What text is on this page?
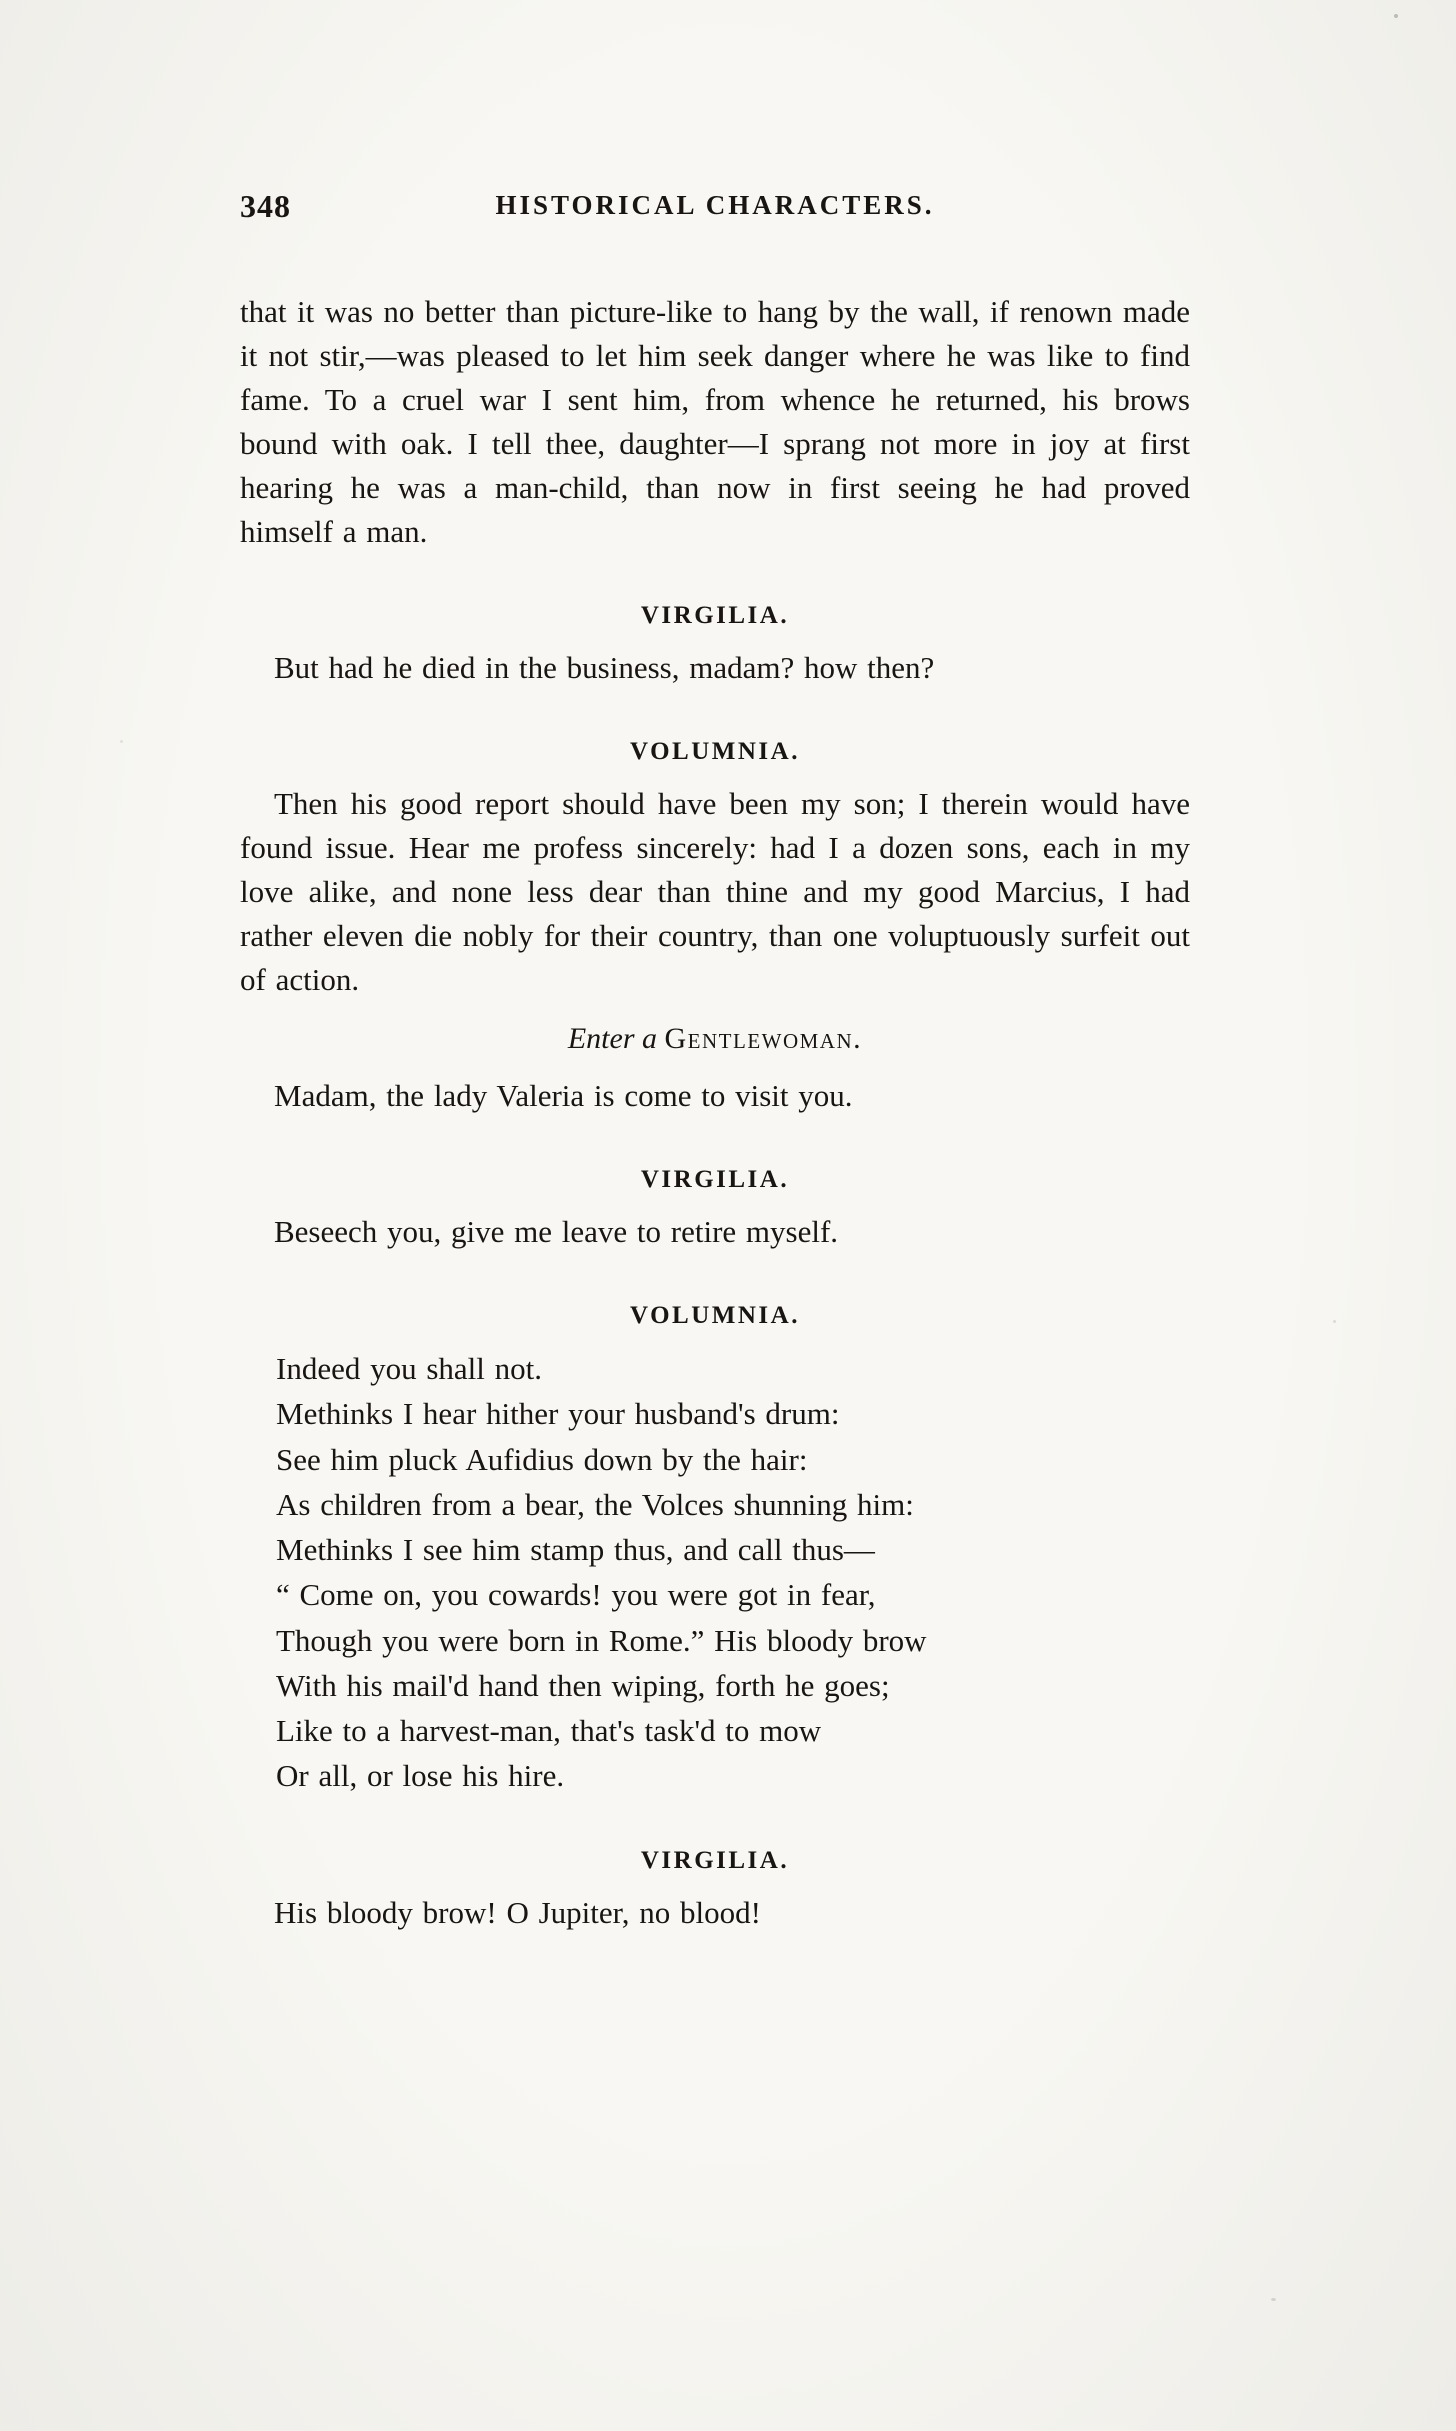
348	HISTORICAL CHARACTERS.

that it was no better than picture-like to hang by the wall, if renown made it not stir,—was pleased to let him seek danger where he was like to find fame. To a cruel war I sent him, from whence he returned, his brows bound with oak. I tell thee, daughter—I sprang not more in joy at first hearing he was a man-child, than now in first seeing he had proved himself a man.

VIRGILIA.

But had he died in the business, madam? how then?

VOLUMNIA.

Then his good report should have been my son; I therein would have found issue. Hear me profess sincerely: had I a dozen sons, each in my love alike, and none less dear than thine and my good Marcius, I had rather eleven die nobly for their country, than one voluptuously surfeit out of action.

Enter a Gentlewoman.

Madam, the lady Valeria is come to visit you.

VIRGILIA.

Beseech you, give me leave to retire myself.

VOLUMNIA.
Indeed you shall not.
Methinks I hear hither your husband's drum:
See him pluck Aufidius down by the hair:
As children from a bear, the Volces shunning him:
Methinks I see him stamp thus, and call thus—
“ Come on, you cowards! you were got in fear,
Though you were born in Rome.” His bloody brow
With his mail'd hand then wiping, forth he goes;
Like to a harvest-man, that's task'd to mow
Or all, or lose his hire.
VIRGILIA.

His bloody brow! O Jupiter, no blood!
